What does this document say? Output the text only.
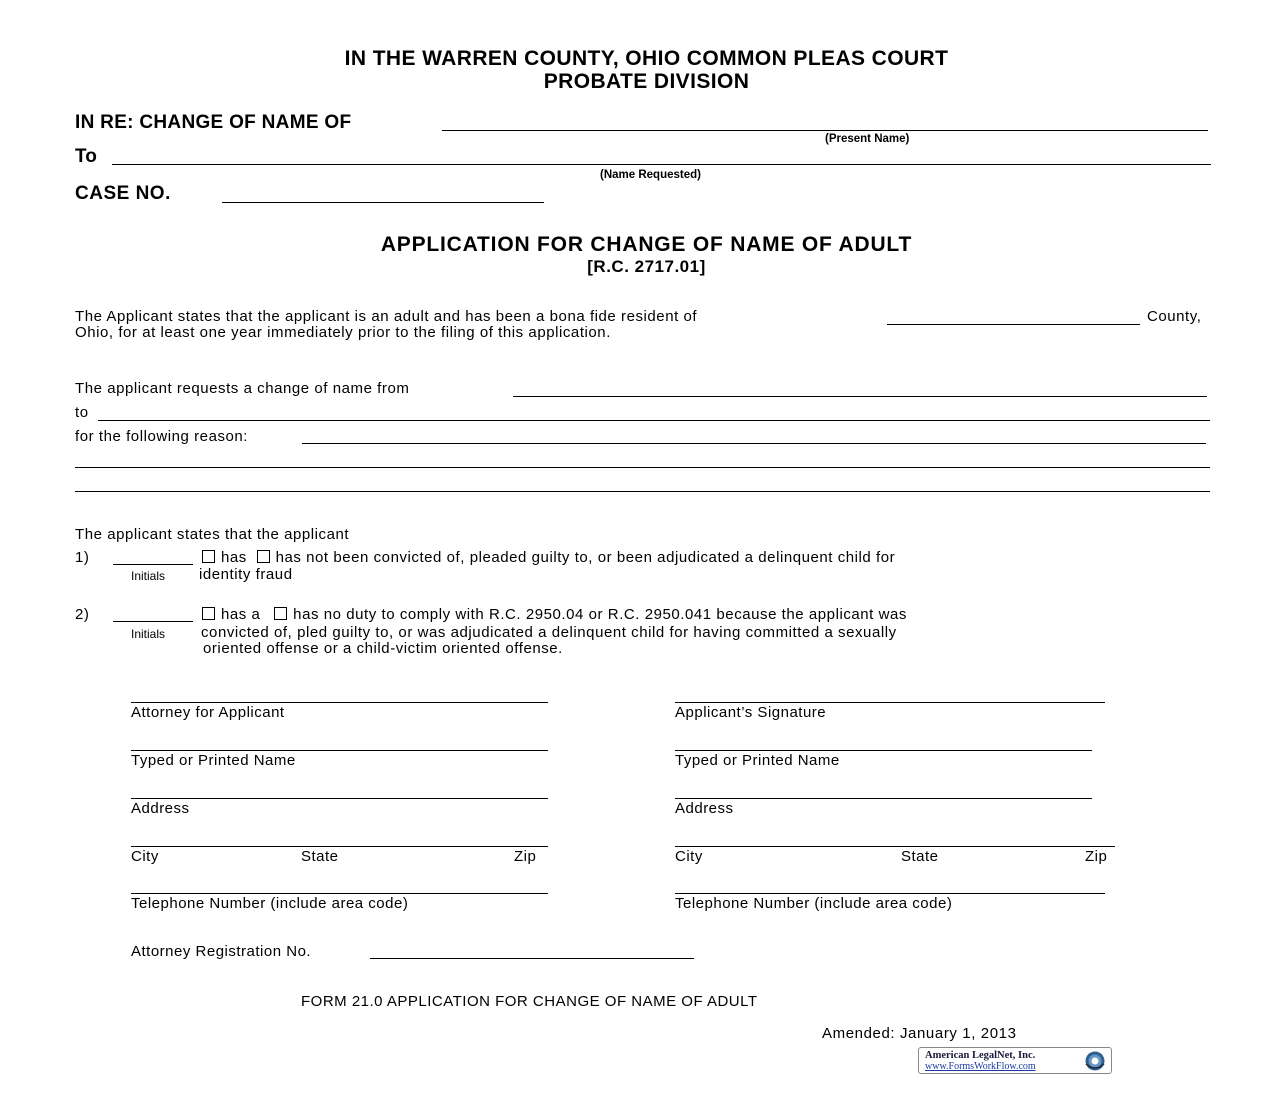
IN THE WARREN COUNTY, OHIO COMMON PLEAS COURT
PROBATE DIVISION
IN RE: CHANGE OF NAME OF
(Present Name)
To
(Name Requested)
CASE NO.
APPLICATION FOR CHANGE OF NAME OF ADULT
[R.C. 2717.01]
The Applicant states that the applicant is an adult and has been a bona fide resident of	County,
Ohio, for at least one year immediately prior to the filing of this application.
The applicant requests a change of name from
to
for the following reason:
The applicant states that the applicant
1)
Initials
has has not been convicted of, pleaded guilty to, or been adjudicated a delinquent child for
identity fraud
2)
Initials
has a has no duty to comply with R.C. 2950.04 or R.C. 2950.041 because the applicant was
convicted of, pled guilty to, or was adjudicated a delinquent child for having committed a sexually
oriented offense or a child-victim oriented offense.
Attorney for Applicant
Typed or Printed Name
Address
City	State	Zip
Telephone Number (include area code)
Applicant’s Signature
Typed or Printed Name
Address
City	State	Zip
Telephone Number (include area code)
Attorney Registration No.
FORM 21.0 APPLICATION FOR CHANGE OF NAME OF ADULT
Amended: January 1, 2013
American LegalNet, Inc.
www.FormsWorkFlow.com
